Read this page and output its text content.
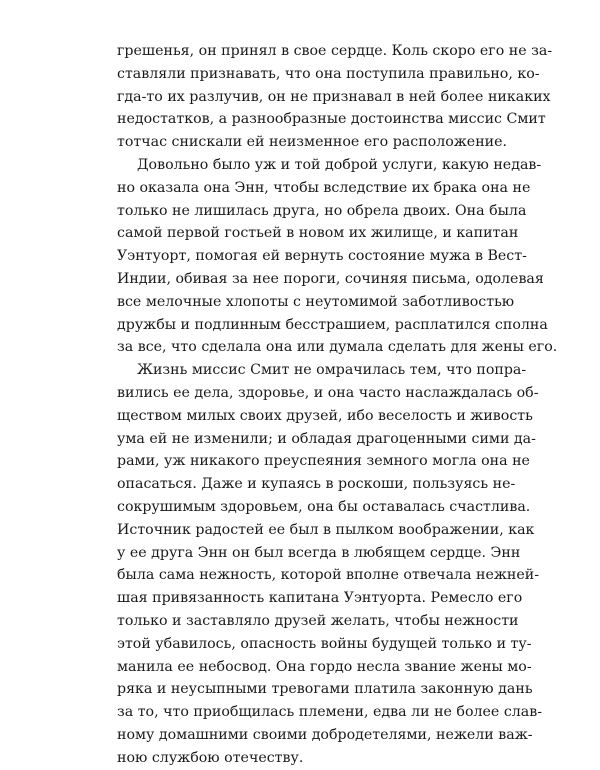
грешенья, он принял в свое сердце. Коль скоро его не за-
ставляли признавать, что она поступила правильно, ко-
гда-то их разлучив, он не признавал в ней более никаких
недостатков, а разнообразные достоинства миссис Смит
тотчас снискали ей неизменное его расположение.
Довольно было уж и той доброй услуги, какую недав-
но оказала она Энн, чтобы вследствие их брака она не
только не лишилась друга, но обрела двоих. Она была
самой первой гостьей в новом их жилище, и капитан
Уэнтуорт, помогая ей вернуть состояние мужа в Вест-
Индии, обивая за нее пороги, сочиняя письма, одолевая
все мелочные хлопоты с неутомимой заботливостью
дружбы и подлинным бесстрашием, расплатился сполна
за все, что сделала она или думала сделать для жены его.
Жизнь миссис Смит не омрачилась тем, что попра-
вились ее дела, здоровье, и она часто наслаждалась об-
ществом милых своих друзей, ибо веселость и живость
ума ей не изменили; и обладая драгоценными сими да-
рами, уж никакого преуспеяния земного могла она не
опасаться. Даже и купаясь в роскоши, пользуясь не-
сокрушимым здоровьем, она бы оставалась счастлива.
Источник радостей ее был в пылком воображении, как
у ее друга Энн он был всегда в любящем сердце. Энн
была сама нежность, которой вполне отвечала нежней-
шая привязанность капитана Уэнтуорта. Ремесло его
только и заставляло друзей желать, чтобы нежности
этой убавилось, опасность войны будущей только и ту-
манила ее небосвод. Она гордо несла звание жены мо-
ряка и неусыпными тревогами платила законную дань
за то, что приобщилась племени, едва ли не более слав-
ному домашними своими добродетелями, нежели важ-
ною службою отечеству.
